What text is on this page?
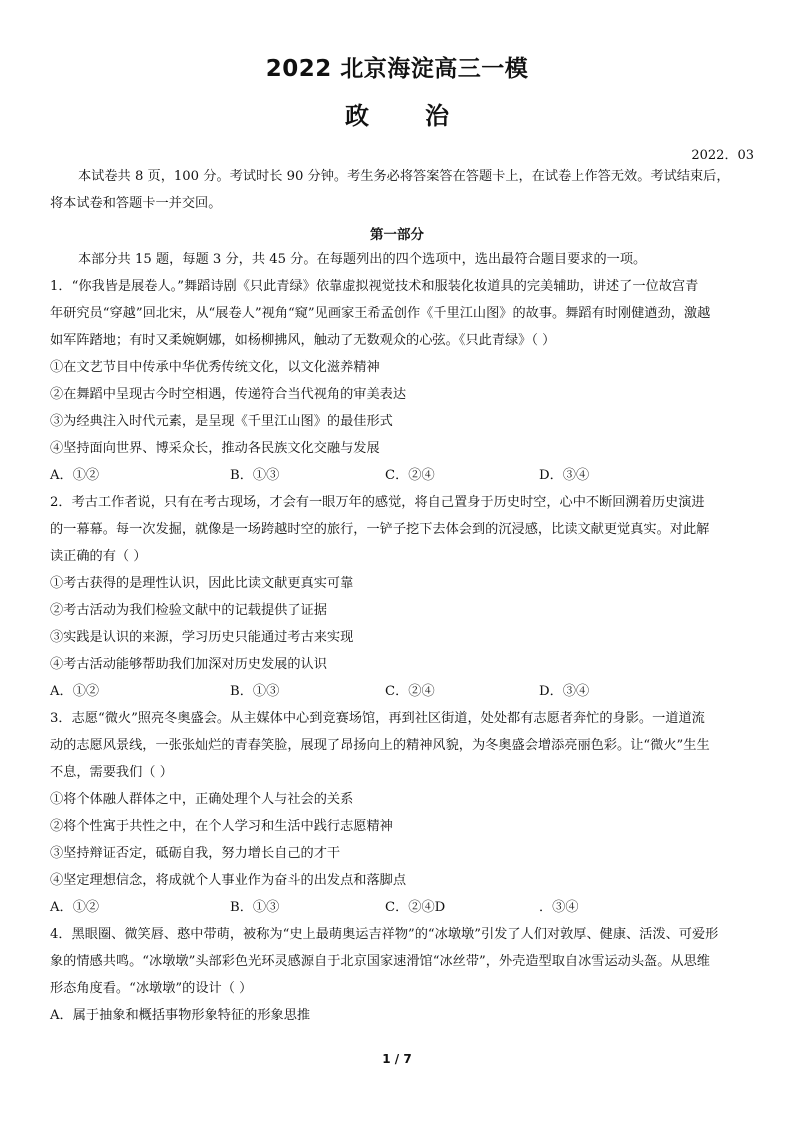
2022 北京海淀高三一模
政 治
2022．03
本试卷共 8 页，100 分。考试时长 90 分钟。考生务必将答案答在答题卡上，在试卷上作答无效。考试结束后，
将本试卷和答题卡一并交回。
第一部分
本部分共 15 题，每题 3 分，共 45 分。在每题列出的四个选项中，选出最符合题目要求的一项。
1．“你我皆是展卷人。”舞蹈诗剧《只此青绿》依靠虚拟视觉技术和服装化妆道具的完美辅助，讲述了一位故宫青
年研究员“穿越”回北宋，从“展卷人”视角“窥”见画家王希孟创作《千里江山图》的故事。舞蹈有时刚健遒劲，激越
如军阵踏地；有时又柔婉婀娜，如杨柳拂风，触动了无数观众的心弦。《只此青绿》（ ）
①在文艺节目中传承中华优秀传统文化，以文化滋养精神
②在舞蹈中呈现古今时空相遇，传递符合当代视角的审美表达
③为经典注入时代元素，是呈现《千里江山图》的最佳形式
④坚持面向世界、博采众长，推动各民族文化交融与发展
A．①②	B．①③	C．②④	D．③④
2．考古工作者说，只有在考古现场，才会有一眼万年的感觉，将自己置身于历史时空，心中不断回溯着历史演进
的一幕幕。每一次发掘，就像是一场跨越时空的旅行，一铲子挖下去体会到的沉浸感，比读文献更觉真实。对此解
读正确的有（ ）
①考古获得的是理性认识，因此比读文献更真实可靠
②考古活动为我们检验文献中的记载提供了证据
③实践是认识的来源，学习历史只能通过考古来实现
④考古活动能够帮助我们加深对历史发展的认识
A．①②	B．①③	C．②④	D．③④
3．志愿“微火”照亮冬奥盛会。从主媒体中心到竞赛场馆，再到社区街道，处处都有志愿者奔忙的身影。一道道流
动的志愿风景线，一张张灿烂的青春笑脸，展现了昂扬向上的精神风貌，为冬奥盛会增添亮丽色彩。让“微火”生生
不息，需要我们（ ）
①将个体融人群体之中，正确处理个人与社会的关系
②将个性寓于共性之中，在个人学习和生活中践行志愿精神
③坚持辩证否定，砥砺自我，努力增长自己的才干
④坚定理想信念，将成就个人事业作为奋斗的出发点和落脚点
A．①②	B．①③	C．②④D	．③④
4．黑眼圈、微笑唇、憨中带萌，被称为“史上最萌奥运吉祥物”的“冰墩墩”引发了人们对敦厚、健康、活泼、可爱形
象的情感共鸣。“冰墩墩”头部彩色光环灵感源自于北京国家速滑馆“冰丝带”，外壳造型取自冰雪运动头盔。从思维
形态角度看。“冰墩墩”的设计（ ）
A．属于抽象和概括事物形象特征的形象思推
1 / 7
